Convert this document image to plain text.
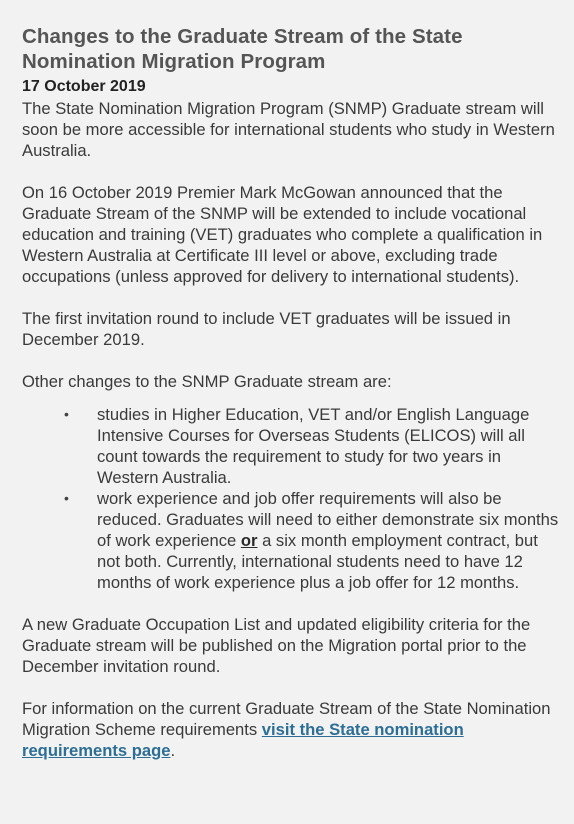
Changes to the Graduate Stream of the State Nomination Migration Program
17 October 2019

The State Nomination Migration Program (SNMP) Graduate stream will soon be more accessible for international students who study in Western Australia.

On 16 October 2019 Premier Mark McGowan announced that the Graduate Stream of the SNMP will be extended to include vocational education and training (VET) graduates who complete a qualification in Western Australia at Certificate III level or above, excluding trade occupations (unless approved for delivery to international students).

The first invitation round to include VET graduates will be issued in December 2019.

Other changes to the SNMP Graduate stream are:

• studies in Higher Education, VET and/or English Language Intensive Courses for Overseas Students (ELICOS) will all count towards the requirement to study for two years in Western Australia.
• work experience and job offer requirements will also be reduced. Graduates will need to either demonstrate six months of work experience or a six month employment contract, but not both. Currently, international students need to have 12 months of work experience plus a job offer for 12 months.

A new Graduate Occupation List and updated eligibility criteria for the Graduate stream will be published on the Migration portal prior to the December invitation round.

For information on the current Graduate Stream of the State Nomination Migration Scheme requirements visit the State nomination requirements page.
